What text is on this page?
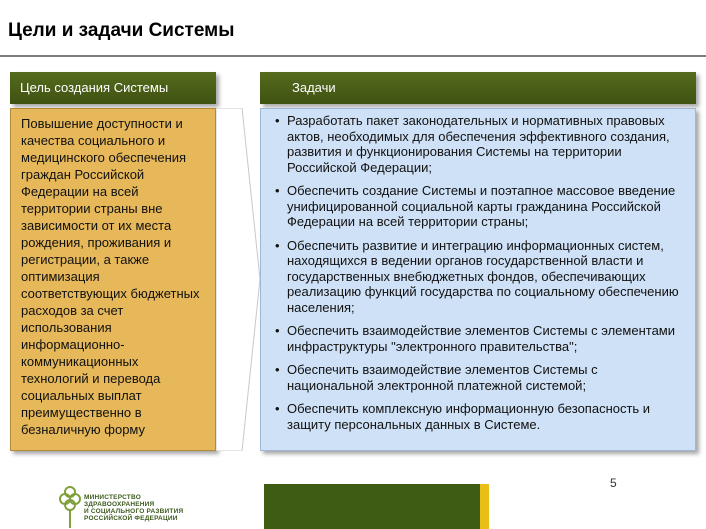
Цели и задачи Системы
Цель создания Системы
Повышение доступности и качества социального и медицинского обеспечения граждан Российской Федерации на всей территории страны вне зависимости от их места рождения, проживания и регистрации, а также оптимизация соответствующих бюджетных расходов за счет использования информационно-коммуникационных технологий и перевода социальных выплат преимущественно в безналичную форму
Задачи
• Разработать пакет законодательных и нормативных правовых актов, необходимых для обеспечения эффективного создания, развития и функционирования Системы на территории Российской Федерации;
• Обеспечить создание Системы и поэтапное массовое введение унифицированной социальной карты гражданина Российской Федерации на всей территории страны;
• Обеспечить развитие и интеграцию информационных систем, находящихся в ведении органов государственной власти и государственных внебюджетных фондов, обеспечивающих реализацию функций государства по социальному обеспечению населения;
• Обеспечить взаимодействие элементов Системы с элементами инфраструктуры "электронного правительства";
• Обеспечить взаимодействие элементов Системы с национальной электронной платежной системой;
• Обеспечить комплексную информационную безопасность и защиту персональных данных в Системе.
5
МИНИСТЕРСТВО
ЗДРАВООХРАНЕНИЯ
И СОЦИАЛЬНОГО РАЗВИТИЯ
РОССИЙСКОЙ ФЕДЕРАЦИИ
